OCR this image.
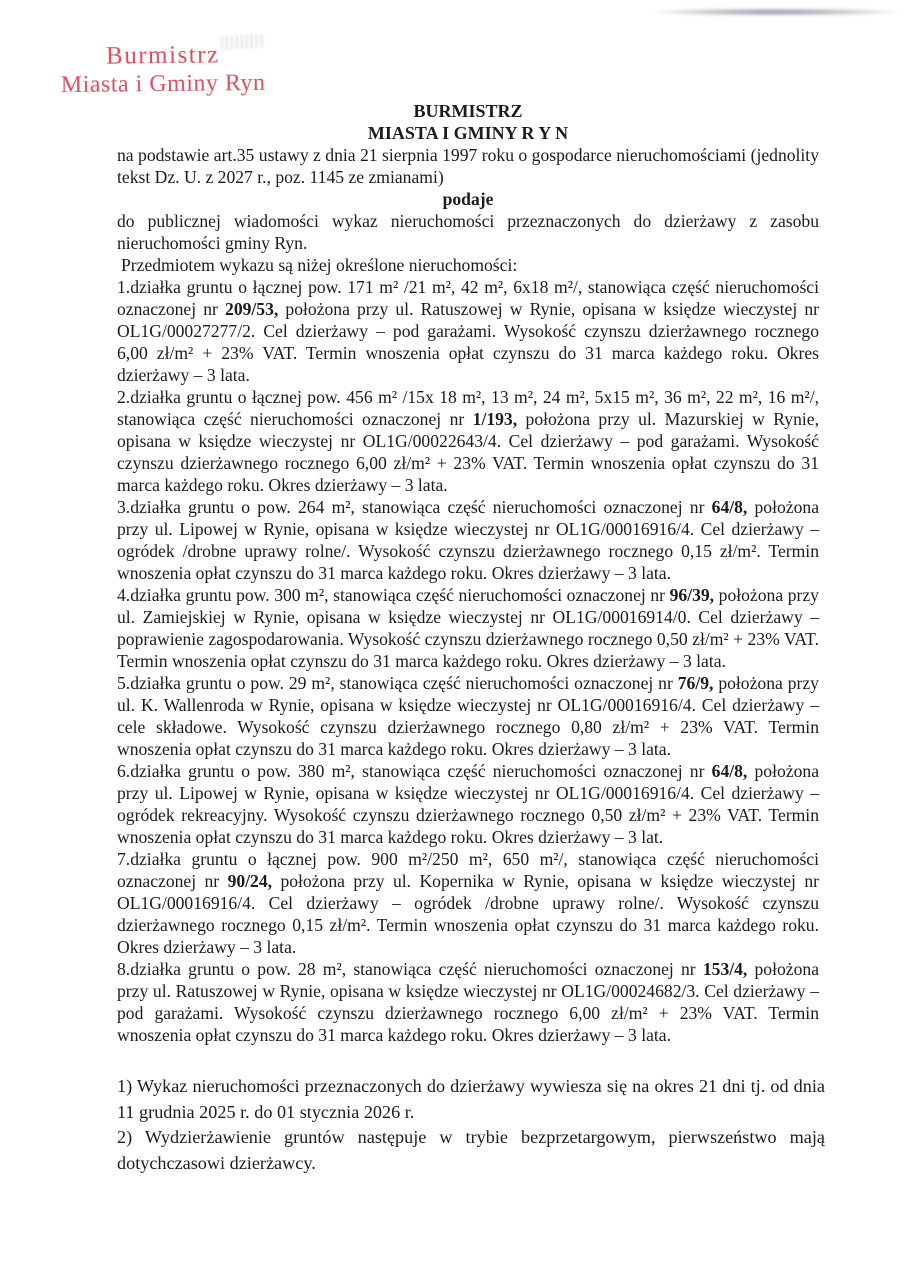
Burmistrz
Miasta i Gminy Ryn

BURMISTRZ

MIASTA I GMINY R Y N

na podstawie art.35 ustawy z dnia 21 sierpnia 1997 roku o gospodarce nieruchomościami (jednolity tekst Dz. U. z 2027 r., poz. 1145 ze zmianami)

podaje

do publicznej wiadomości wykaz nieruchomości przeznaczonych do dzierżawy z zasobu nieruchomości gminy Ryn.

Przedmiotem wykazu są niżej określone nieruchomości:

1.działka gruntu o łącznej pow. 171 m² /21 m², 42 m², 6x18 m²/, stanowiąca część nieruchomości oznaczonej nr 209/53, położona przy ul. Ratuszowej w Rynie, opisana w księdze wieczystej nr OL1G/00027277/2. Cel dzierżawy – pod garażami. Wysokość czynszu dzierżawnego rocznego 6,00 zł/m² + 23% VAT. Termin wnoszenia opłat czynszu do 31 marca każdego roku. Okres dzierżawy – 3 lata.

2.działka gruntu o łącznej pow. 456 m² /15x 18 m², 13 m², 24 m², 5x15 m², 36 m², 22 m², 16 m²/, stanowiąca część nieruchomości oznaczonej nr 1/193, położona przy ul. Mazurskiej w Rynie, opisana w księdze wieczystej nr OL1G/00022643/4. Cel dzierżawy – pod garażami. Wysokość czynszu dzierżawnego rocznego 6,00 zł/m² + 23% VAT. Termin wnoszenia opłat czynszu do 31 marca każdego roku. Okres dzierżawy – 3 lata.

3.działka gruntu o pow. 264 m², stanowiąca część nieruchomości oznaczonej nr 64/8, położona przy ul. Lipowej w Rynie, opisana w księdze wieczystej nr OL1G/00016916/4. Cel dzierżawy – ogródek /drobne uprawy rolne/. Wysokość czynszu dzierżawnego rocznego 0,15 zł/m². Termin wnoszenia opłat czynszu do 31 marca każdego roku. Okres dzierżawy – 3 lata.

4.działka gruntu pow. 300 m², stanowiąca część nieruchomości oznaczonej nr 96/39, położona przy ul. Zamiejskiej w Rynie, opisana w księdze wieczystej nr OL1G/00016914/0. Cel dzierżawy – poprawienie zagospodarowania. Wysokość czynszu dzierżawnego rocznego 0,50 zł/m² + 23% VAT. Termin wnoszenia opłat czynszu do 31 marca każdego roku. Okres dzierżawy – 3 lata.

5.działka gruntu o pow. 29 m², stanowiąca część nieruchomości oznaczonej nr 76/9, położona przy ul. K. Wallenroda w Rynie, opisana w księdze wieczystej nr OL1G/00016916/4. Cel dzierżawy – cele składowe. Wysokość czynszu dzierżawnego rocznego 0,80 zł/m² + 23% VAT. Termin wnoszenia opłat czynszu do 31 marca każdego roku. Okres dzierżawy – 3 lata.

6.działka gruntu o pow. 380 m², stanowiąca część nieruchomości oznaczonej nr 64/8, położona przy ul. Lipowej w Rynie, opisana w księdze wieczystej nr OL1G/00016916/4. Cel dzierżawy – ogródek rekreacyjny. Wysokość czynszu dzierżawnego rocznego 0,50 zł/m² + 23% VAT. Termin wnoszenia opłat czynszu do 31 marca każdego roku. Okres dzierżawy – 3 lat.

7.działka gruntu o łącznej pow. 900 m²/250 m², 650 m²/, stanowiąca część nieruchomości oznaczonej nr 90/24, położona przy ul. Kopernika w Rynie, opisana w księdze wieczystej nr OL1G/00016916/4. Cel dzierżawy – ogródek /drobne uprawy rolne/. Wysokość czynszu dzierżawnego rocznego 0,15 zł/m². Termin wnoszenia opłat czynszu do 31 marca każdego roku. Okres dzierżawy – 3 lata.

8.działka gruntu o pow. 28 m², stanowiąca część nieruchomości oznaczonej nr 153/4, położona przy ul. Ratuszowej w Rynie, opisana w księdze wieczystej nr OL1G/00024682/3. Cel dzierżawy – pod garażami. Wysokość czynszu dzierżawnego rocznego 6,00 zł/m² + 23% VAT. Termin wnoszenia opłat czynszu do 31 marca każdego roku. Okres dzierżawy – 3 lata.

1) Wykaz nieruchomości przeznaczonych do dzierżawy wywiesza się na okres 21 dni tj. od dnia 11 grudnia 2025 r. do 01 stycznia 2026 r.

2) Wydzierżawienie gruntów następuje w trybie bezprzetargowym, pierwszeństwo mają dotychczasowi dzierżawcy.
